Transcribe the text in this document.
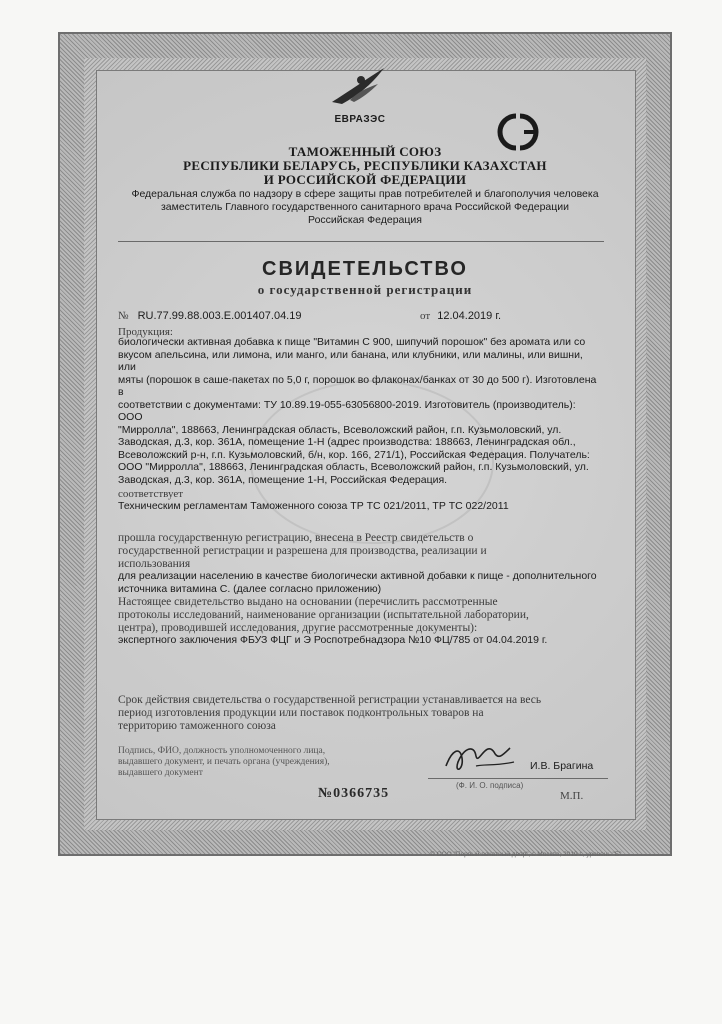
ЕВРАЗЭС
ТАМОЖЕННЫЙ СОЮЗ
РЕСПУБЛИКИ БЕЛАРУСЬ, РЕСПУБЛИКИ КАЗАХСТАН
И РОССИЙСКОЙ ФЕДЕРАЦИИ
Федеральная служба по надзору в сфере защиты прав потребителей и благополучия человека
заместитель Главного государственного санитарного врача Российской Федерации
Российская Федерация
СВИДЕТЕЛЬСТВО
о государственной регистрации
№ RU.77.99.88.003.E.001407.04.19	от 12.04.2019 г.
Продукция:
биологически активная добавка к пище "Витамин С 900, шипучий порошок" без аромата или со
вкусом апельсина, или лимона, или манго, или банана, или клубники, или малины, или вишни, или
мяты (порошок в саше-пакетах по 5,0 г, порошок во флаконах/банках от 30 до 500 г). Изготовлена в
соответствии с документами: ТУ 10.89.19-055-63056800-2019. Изготовитель (производитель): ООО
"Мирролла", 188663, Ленинградская область, Всеволожский район, г.п. Кузьмоловский, ул.
Заводская, д.3, кор. 361А, помещение 1-Н (адрес производства: 188663, Ленинградская обл.,
Всеволожский р-н, г.п. Кузьмоловский, б/н, кор. 166, 271/1), Российская Федерация. Получатель:
ООО "Мирролла", 188663, Ленинградская область, Всеволожский район, г.п. Кузьмоловский, ул.
Заводская, д.3, кор. 361А, помещение 1-Н, Российская Федерация.
соответствует
Техническим регламентам Таможенного союза ТР ТС 021/2011, ТР ТС 022/2011
прошла государственную регистрацию, внесена в Реестр свидетельств о
государственной регистрации и разрешена для производства, реализации и
использования
для реализации населению в качестве биологически активной добавки к пище - дополнительного
источника витамина С. (далее согласно приложению)
Настоящее свидетельство выдано на основании (перечислить рассмотренные
протоколы исследований, наименование организации (испытательной лаборатории,
центра), проводившей исследования, другие рассмотренные документы):
экспертного заключения ФБУЗ ФЦГ и Э Роспотребнадзора №10 ФЦ/785 от 04.04.2019 г.
Срок действия свидетельства о государственной регистрации устанавливается на весь
период изготовления продукции или поставок подконтрольных товаров на
территорию таможенного союза
Подпись, ФИО, должность уполномоченного лица,
выдавшего документ, и печать органа (учреждения),
выдавшего документ
И.В. Брагина
(Ф. И. О. подписа)
№0366735	М.П.
© ООО "Первый печатный двор", г. Москва, 2019 г., уровень "Б"
